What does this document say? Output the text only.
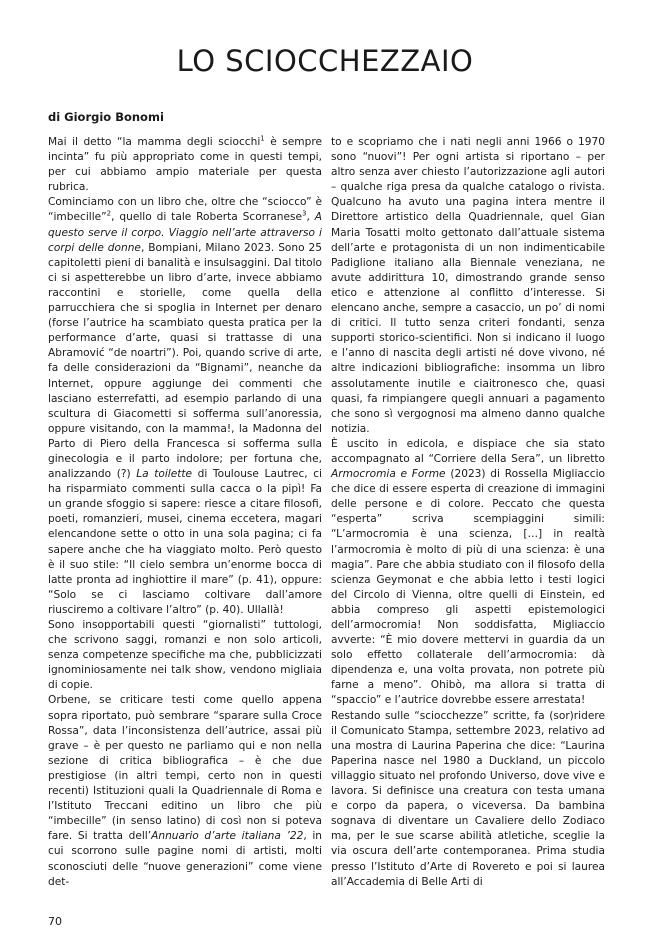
LO SCIOCCHEZZAIO

di Giorgio Bonomi

Mai il detto “la mamma degli sciocchi$^1$ è sempre incinta” fu più appropriato come in questi tempi, per cui abbiamo ampio materiale per questa rubrica.

Cominciamo con un libro che, oltre che “sciocco” è “imbecille”$^2$, quello di tale Roberta Scorranese$^3$, A questo serve il corpo. Viaggio nell’arte attraverso i corpi delle donne, Bompiani, Milano 2023. Sono 25 capitoletti pieni di banalità e insulsaggini. Dal titolo ci si aspetterebbe un libro d’arte, invece abbiamo raccontini e storielle, come quella della parrucchiera che si spoglia in Internet per denaro (forse l’autrice ha scambiato questa pratica per la performance d’arte, quasi si trattasse di una Abramović “de noartri”). Poi, quando scrive di arte, fa delle considerazioni da “Bignami”, neanche da Internet, oppure aggiunge dei commenti che lasciano esterrefatti, ad esempio parlando di una scultura di Giacometti si sofferma sull’anoressia, oppure visitando, con la mamma!, la Madonna del Parto di Piero della Francesca si sofferma sulla ginecologia e il parto indolore; per fortuna che, analizzando (?) La toilette di Toulouse Lautrec, ci ha risparmiato commenti sulla cacca o la pipì! Fa un grande sfoggio si sapere: riesce a citare filosofi, poeti, romanzieri, musei, cinema eccetera, magari elencandone sette o otto in una sola pagina; ci fa sapere anche che ha viaggiato molto. Però questo è il suo stile: “Il cielo sembra un’enorme bocca di latte pronta ad inghiottire il mare” (p. 41), oppure: “Solo se ci lasciamo coltivare dall’amore riusciremo a coltivare l’altro” (p. 40). Ullallà!

Sono insopportabili questi “giornalisti” tuttologi, che scrivono saggi, romanzi e non solo articoli, senza competenze specifiche ma che, pubblicizzati ignominiosamente nei talk show, vendono migliaia di copie.

Orbene, se criticare testi come quello appena sopra riportato, può sembrare “sparare sulla Croce Rossa”, data l’inconsistenza dell’autrice, assai più grave – è per questo ne parliamo qui e non nella sezione di critica bibliografica – è che due prestigiose (in altri tempi, certo non in questi recenti) Istituzioni quali la Quadriennale di Roma e l’Istituto Treccani editino un libro che più “imbecille” (in senso latino) di così non si poteva fare. Si tratta dell’Annuario d’arte italiana ’22, in cui scorrono sulle pagine nomi di artisti, molti sconosciuti delle “nuove generazioni” come viene det-

to e scopriamo che i nati negli anni 1966 o 1970 sono “nuovi”! Per ogni artista si riportano – per altro senza aver chiesto l’autorizzazione agli autori – qualche riga presa da qualche catalogo o rivista. Qualcuno ha avuto una pagina intera mentre il Direttore artistico della Quadriennale, quel Gian Maria Tosatti molto gettonato dall’attuale sistema dell’arte e protagonista di un non indimenticabile Padiglione italiano alla Biennale veneziana, ne avute addirittura 10, dimostrando grande senso etico e attenzione al conflitto d’interesse. Si elencano anche, sempre a casaccio, un po’ di nomi di critici. Il tutto senza criteri fondanti, senza supporti storico-scientifici. Non si indicano il luogo e l’anno di nascita degli artisti né dove vivono, né altre indicazioni bibliografiche: insomma un libro assolutamente inutile e ciaitronesco che, quasi quasi, fa rimpiangere quegli annuari a pagamento che sono sì vergognosi ma almeno danno qualche notizia.

È uscito in edicola, e dispiace che sia stato accompagnato al “Corriere della Sera”, un libretto Armocromia e Forme (2023) di Rossella Migliaccio che dice di essere esperta di creazione di immagini delle persone e di colore. Peccato che questa “esperta” scriva scempiaggini simili: “L’armocromia è una scienza, […] in realtà l’armocromia è molto di più di una scienza: è una magia”. Pare che abbia studiato con il filosofo della scienza Geymonat e che abbia letto i testi logici del Circolo di Vienna, oltre quelli di Einstein, ed abbia compreso gli aspetti epistemologici dell’armocromia! Non soddisfatta, Migliaccio avverte: “È mio dovere mettervi in guardia da un solo effetto collaterale dell’armocromia: dà dipendenza e, una volta provata, non potrete più farne a meno”. Ohibò, ma allora si tratta di “spaccio” e l’autrice dovrebbe essere arrestata!

Restando sulle “sciocchezze” scritte, fa (sor)ridere il Comunicato Stampa, settembre 2023, relativo ad una mostra di Laurina Paperina che dice: “Laurina Paperina nasce nel 1980 a Duckland, un piccolo villaggio situato nel profondo Universo, dove vive e lavora. Si definisce una creatura con testa umana e corpo da papera, o viceversa. Da bambina sognava di diventare un Cavaliere dello Zodiaco ma, per le sue scarse abilità atletiche, sceglie la via oscura dell’arte contemporanea. Prima studia presso l’Istituto d’Arte di Rovereto e poi si laurea all’Accademia di Belle Arti di

70
